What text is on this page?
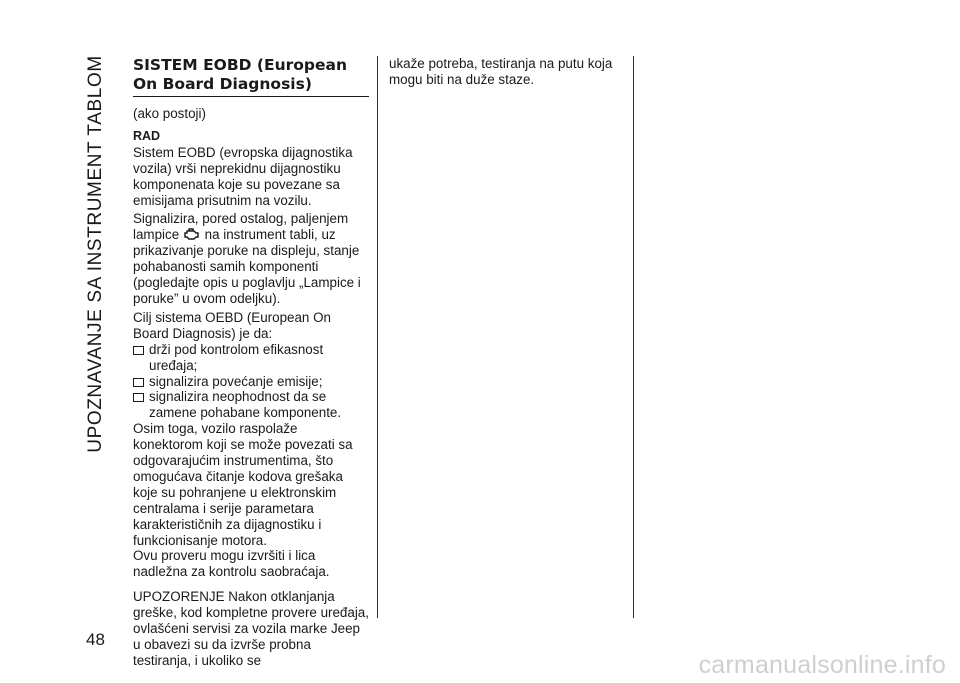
UPOZNAVANJE SA INSTRUMENT TABLOM
48
SISTEM EOBD (European
On Board Diagnosis)

(ako postoji)

RAD

Sistem EOBD (evropska dijagnostika vozila) vrši neprekidnu dijagnostiku komponenata koje su povezane sa emisijama prisutnim na vozilu.

Signalizira, pored ostalog, paljenjem lampice na instrument tabli, uz prikazivanje poruke na displeju, stanje pohabanosti samih komponenti (pogledajte opis u poglavlju „Lampice i poruke” u ovom odeljku).

Cilj sistema OEBD (European On Board Diagnosis) je da:

drži pod kontrolom efikasnost uređaja;
signalizira povećanje emisije;
signalizira neophodnost da se zamene pohabane komponente.

Osim toga, vozilo raspolaže konektorom koji se može povezati sa odgovarajućim instrumentima, što omogućava čitanje kodova grešaka koje su pohranjene u elektronskim centralama i serije parametara karakterističnih za dijagnostiku i funkcionisanje motora.

Ovu proveru mogu izvršiti i lica nadležna za kontrolu saobraćaja.

UPOZORENJE Nakon otklanjanja greške, kod kompletne provere uređaja, ovlašćeni servisi za vozila marke Jeep u obavezi su da izvrše probna testiranja, i ukoliko se

ukaže potreba, testiranja na putu koja mogu biti na duže staze.

carmanualsonline.info
